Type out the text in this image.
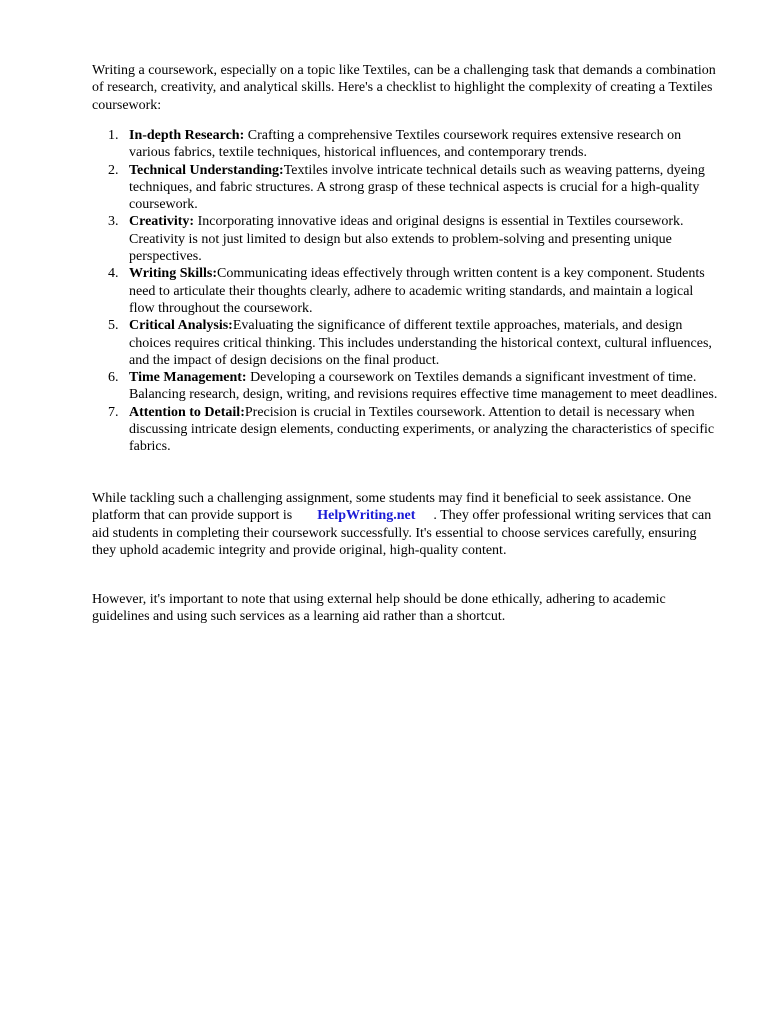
Writing a coursework, especially on a topic like Textiles, can be a challenging task that demands a combination of research, creativity, and analytical skills. Here's a checklist to highlight the complexity of creating a Textiles coursework:

1. In-depth Research: Crafting a comprehensive Textiles coursework requires extensive research on various fabrics, textile techniques, historical influences, and contemporary trends.
2. Technical Understanding:Textiles involve intricate technical details such as weaving patterns, dyeing techniques, and fabric structures. A strong grasp of these technical aspects is crucial for a high-quality coursework.
3. Creativity: Incorporating innovative ideas and original designs is essential in Textiles coursework. Creativity is not just limited to design but also extends to problem-solving and presenting unique perspectives.
4. Writing Skills:Communicating ideas effectively through written content is a key component. Students need to articulate their thoughts clearly, adhere to academic writing standards, and maintain a logical flow throughout the coursework.
5. Critical Analysis:Evaluating the significance of different textile approaches, materials, and design choices requires critical thinking. This includes understanding the historical context, cultural influences, and the impact of design decisions on the final product.
6. Time Management: Developing a coursework on Textiles demands a significant investment of time. Balancing research, design, writing, and revisions requires effective time management to meet deadlines.
7. Attention to Detail:Precision is crucial in Textiles coursework. Attention to detail is necessary when discussing intricate design elements, conducting experiments, or analyzing the characteristics of specific fabrics.

While tackling such a challenging assignment, some students may find it beneficial to seek assistance. One platform that can provide support is HelpWriting.net . They offer professional writing services that can aid students in completing their coursework successfully. It's essential to choose services carefully, ensuring they uphold academic integrity and provide original, high-quality content.

However, it's important to note that using external help should be done ethically, adhering to academic guidelines and using such services as a learning aid rather than a shortcut.
